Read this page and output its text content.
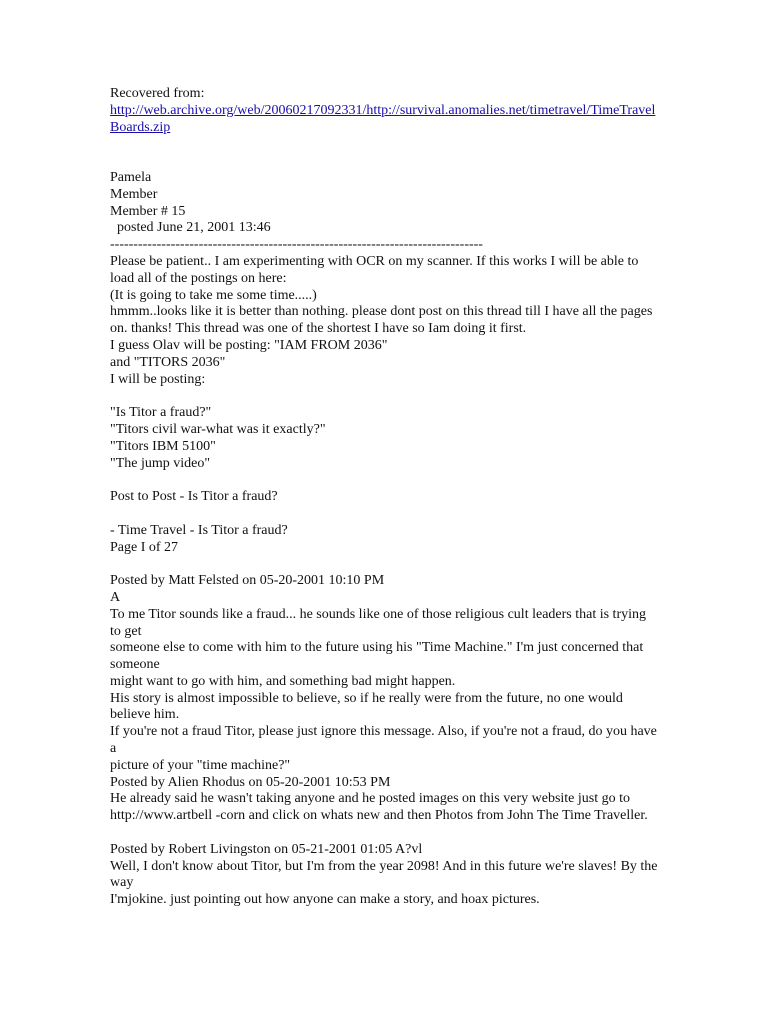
Recovered from:
http://web.archive.org/web/20060217092331/http://survival.anomalies.net/timetravel/TimeTravelBoards.zip
Pamela
Member
Member # 15
posted June 21, 2001 13:46
--------------------------------------------------------------------------------
Please be patient.. I am experimenting with OCR on my scanner. If this works I will be able to load all of the postings on here:
(It is going to take me some time.....)
hmmm..looks like it is better than nothing. please dont post on this thread till I have all the pages on. thanks! This thread was one of the shortest I have so Iam doing it first.
I guess Olav will be posting: "IAM FROM 2036"
and "TITORS 2036"
I will be posting:
"Is Titor a fraud?"
"Titors civil war-what was it exactly?"
"Titors IBM 5100"
"The jump video"
Post to Post - Is Titor a fraud?
- Time Travel - Is Titor a fraud?
Page I of 27
Posted by Matt Felsted on 05-20-2001 10:10 PM
A
To me Titor sounds like a fraud... he sounds like one of those religious cult leaders that is trying to get
someone else to come with him to the future using his "Time Machine." I'm just concerned that someone
might want to go with him, and something bad might happen.
His story is almost impossible to believe, so if he really were from the future, no one would believe him.
If you're not a fraud Titor, please just ignore this message. Also, if you're not a fraud, do you have a
picture of your "time machine?"
Posted by Alien Rhodus on 05-20-2001 10:53 PM
He already said he wasn't taking anyone and he posted images on this very website just go to http://www.artbell -corn and click on whats new and then Photos from John The Time Traveller.
Posted by Robert Livingston on 05-21-2001 01:05 A?vl
Well, I don't know about Titor, but I'm from the year 2098! And in this future we're slaves! By the way
I'mjokine. just pointing out how anyone can make a story, and hoax pictures.
